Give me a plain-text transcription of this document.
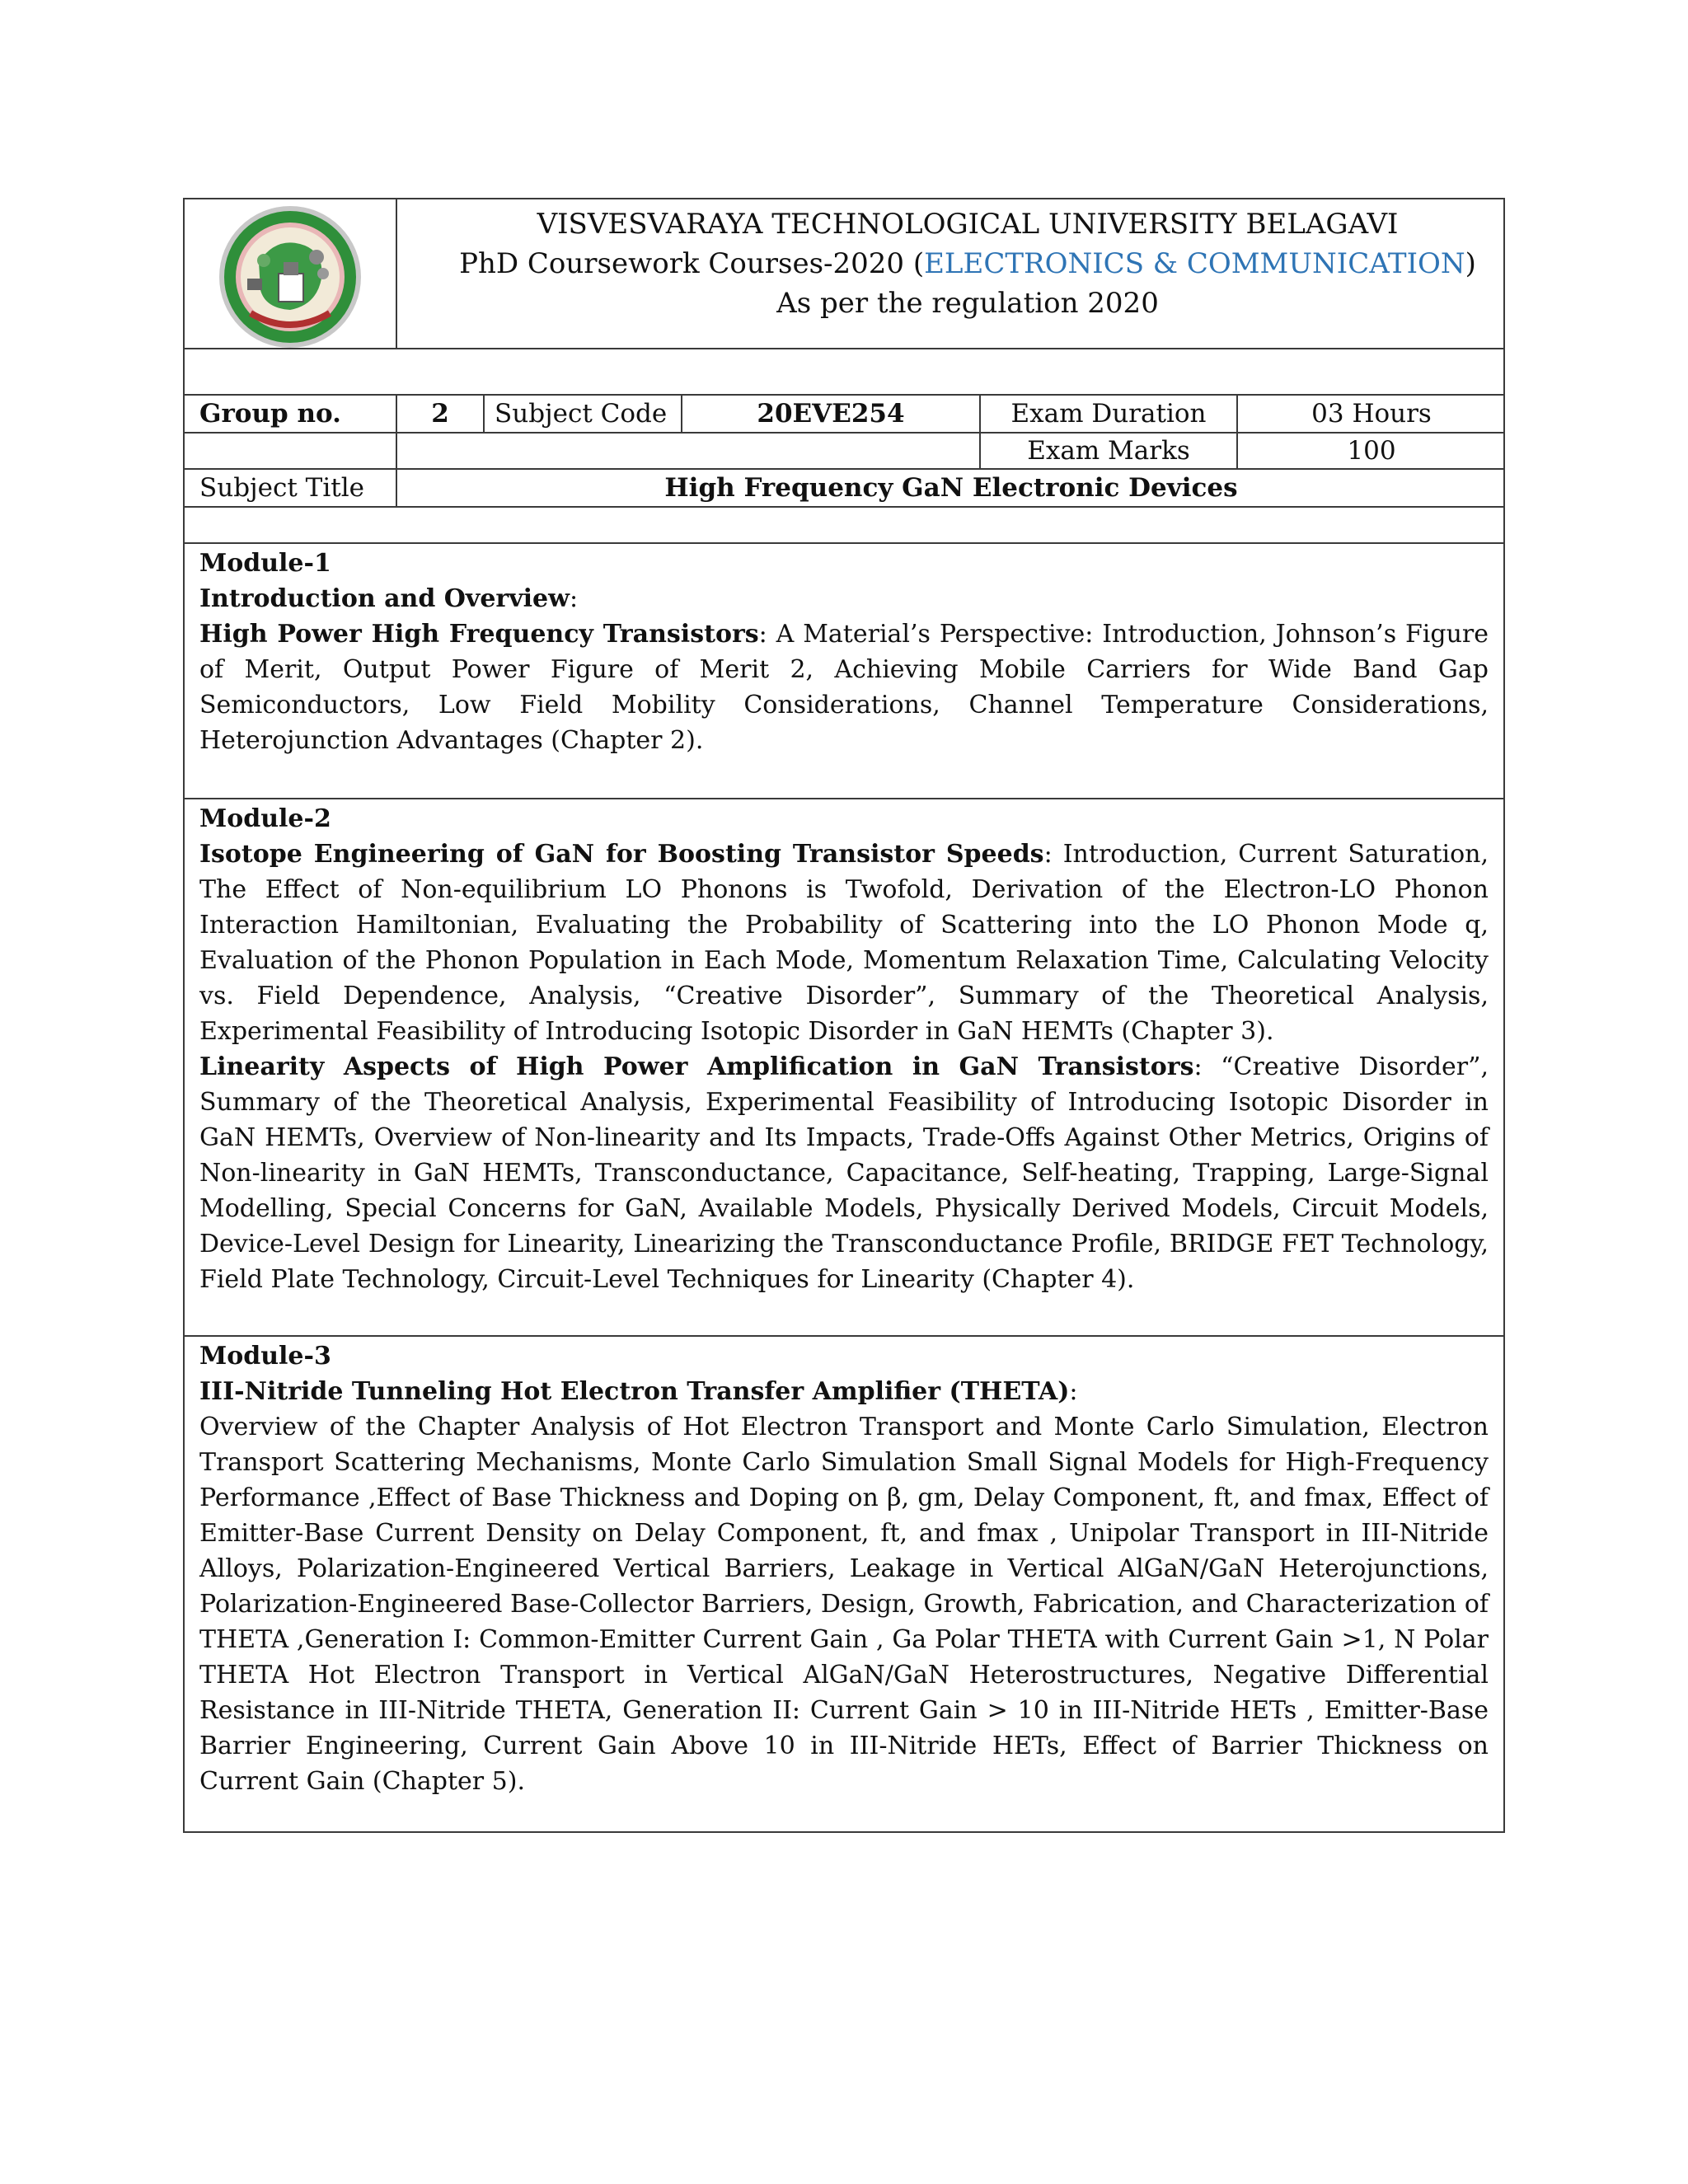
VISVESVARAYA TECHNOLOGICAL UNIVERSITY BELAGAVI
PhD Coursework Courses-2020 (ELECTRONICS & COMMUNICATION)
As per the regulation 2020
Group no.	2	Subject Code	20EVE254	Exam Duration	03 Hours
Exam Marks	100
Subject Title	High Frequency GaN Electronic Devices

Module-1

Introduction and Overview:

High Power High Frequency Transistors: A Material’s Perspective: Introduction, Johnson’s Figure of Merit, Output Power Figure of Merit 2, Achieving Mobile Carriers for Wide Band Gap Semiconductors, Low Field Mobility Considerations, Channel Temperature Considerations, Heterojunction Advantages (Chapter 2).

Module-2

Isotope Engineering of GaN for Boosting Transistor Speeds: Introduction, Current Saturation, The Effect of Non-equilibrium LO Phonons is Twofold, Derivation of the Electron-LO Phonon Interaction Hamiltonian, Evaluating the Probability of Scattering into the LO Phonon Mode q, Evaluation of the Phonon Population in Each Mode, Momentum Relaxation Time, Calculating Velocity vs. Field Dependence, Analysis, “Creative Disorder”, Summary of the Theoretical Analysis, Experimental Feasibility of Introducing Isotopic Disorder in GaN HEMTs (Chapter 3).

Linearity Aspects of High Power Amplification in GaN Transistors: “Creative Disorder”, Summary of the Theoretical Analysis, Experimental Feasibility of Introducing Isotopic Disorder in GaN HEMTs, Overview of Non-linearity and Its Impacts, Trade-Offs Against Other Metrics, Origins of Non-linearity in GaN HEMTs, Transconductance, Capacitance, Self-heating, Trapping, Large-Signal Modelling, Special Concerns for GaN, Available Models, Physically Derived Models, Circuit Models, Device-Level Design for Linearity, Linearizing the Transconductance Profile, BRIDGE FET Technology, Field Plate Technology, Circuit-Level Techniques for Linearity (Chapter 4).

Module-3

III-Nitride Tunneling Hot Electron Transfer Amplifier (THETA):

Overview of the Chapter Analysis of Hot Electron Transport and Monte Carlo Simulation, Electron Transport Scattering Mechanisms, Monte Carlo Simulation Small Signal Models for High-Frequency Performance ,Effect of Base Thickness and Doping on β, gm, Delay Component, ft, and fmax, Effect of Emitter-Base Current Density on Delay Component, ft, and fmax , Unipolar Transport in III-Nitride Alloys, Polarization-Engineered Vertical Barriers, Leakage in Vertical AlGaN/GaN Heterojunctions, Polarization-Engineered Base-Collector Barriers, Design, Growth, Fabrication, and Characterization of THETA ,Generation I: Common-Emitter Current Gain , Ga Polar THETA with Current Gain >1, N Polar THETA Hot Electron Transport in Vertical AlGaN/GaN Heterostructures, Negative Differential Resistance in III-Nitride THETA, Generation II: Current Gain > 10 in III-Nitride HETs , Emitter-Base Barrier Engineering, Current Gain Above 10 in III-Nitride HETs, Effect of Barrier Thickness on Current Gain (Chapter 5).
